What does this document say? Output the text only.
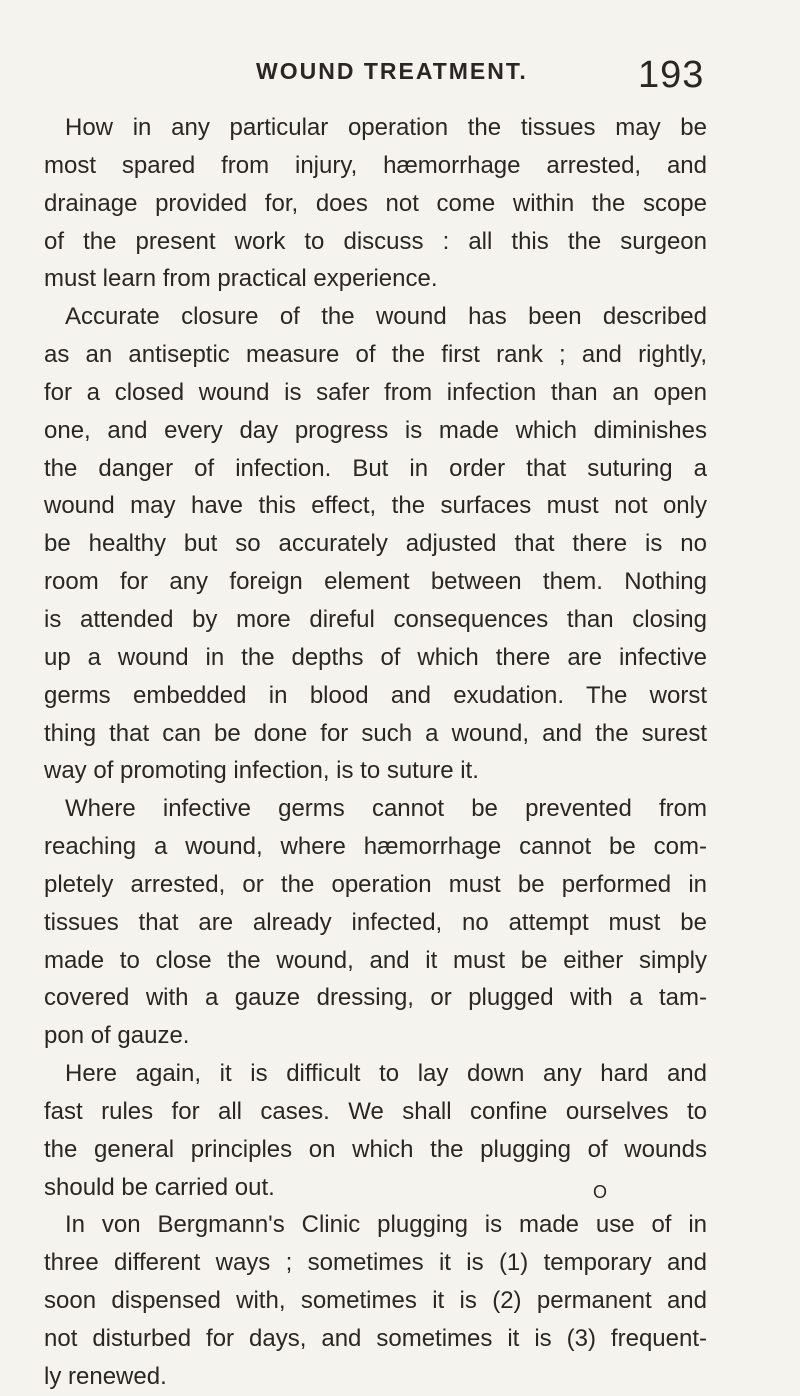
WOUND TREATMENT.	193
How in any particular operation the tissues may be
most spared from injury, hæmorrhage arrested, and
drainage provided for, does not come within the scope
of the present work to discuss : all this the surgeon
must learn from practical experience.
Accurate closure of the wound has been described
as an antiseptic measure of the first rank ; and rightly,
for a closed wound is safer from infection than an open
one, and every day progress is made which diminishes
the danger of infection. But in order that suturing a
wound may have this effect, the surfaces must not only
be healthy but so accurately adjusted that there is no
room for any foreign element between them. Nothing
is attended by more direful consequences than closing
up a wound in the depths of which there are infective
germs embedded in blood and exudation. The worst
thing that can be done for such a wound, and the surest
way of promoting infection, is to suture it.
Where infective germs cannot be prevented from
reaching a wound, where hæmorrhage cannot be com-
pletely arrested, or the operation must be performed in
tissues that are already infected, no attempt must be
made to close the wound, and it must be either simply
covered with a gauze dressing, or plugged with a tam-
pon of gauze.
Here again, it is difficult to lay down any hard and
fast rules for all cases. We shall confine ourselves to
the general principles on which the plugging of wounds
should be carried out.
In von Bergmann's Clinic plugging is made use of in
three different ways ; sometimes it is (1) temporary and
soon dispensed with, sometimes it is (2) permanent and
not disturbed for days, and sometimes it is (3) frequent-
ly renewed.
O
